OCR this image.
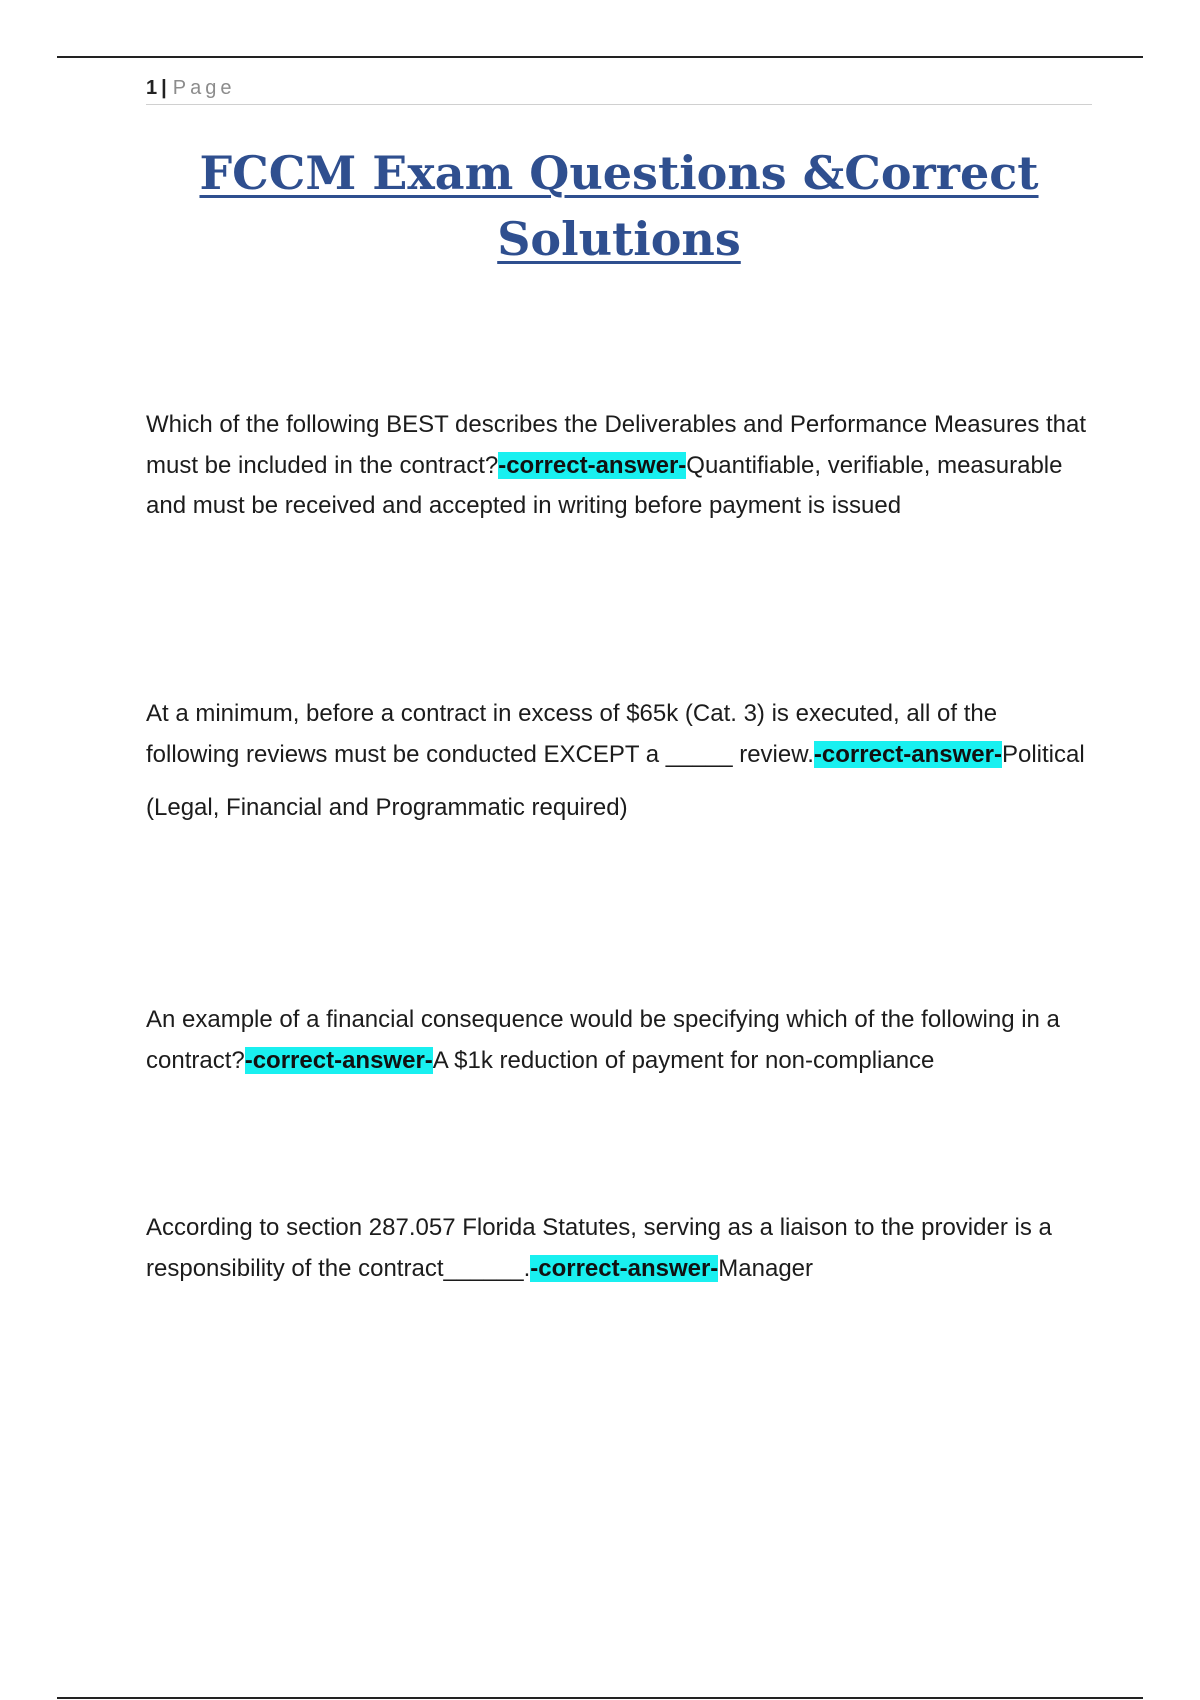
1 | Page
FCCM Exam Questions &Correct
Solutions

Which of the following BEST describes the Deliverables and Performance Measures that must be included in the contract?-correct-answer-Quantifiable, verifiable, measurable and must be received and accepted in writing before payment is issued

At a minimum, before a contract in excess of $65k (Cat. 3) is executed, all of the following reviews must be conducted EXCEPT a _____ review.-correct-answer-Political

(Legal, Financial and Programmatic required)

An example of a financial consequence would be specifying which of the following in a contract?-correct-answer-A $1k reduction of payment for non-compliance

According to section 287.057 Florida Statutes, serving as a liaison to the provider is a responsibility of the contract______.-correct-answer-Manager
